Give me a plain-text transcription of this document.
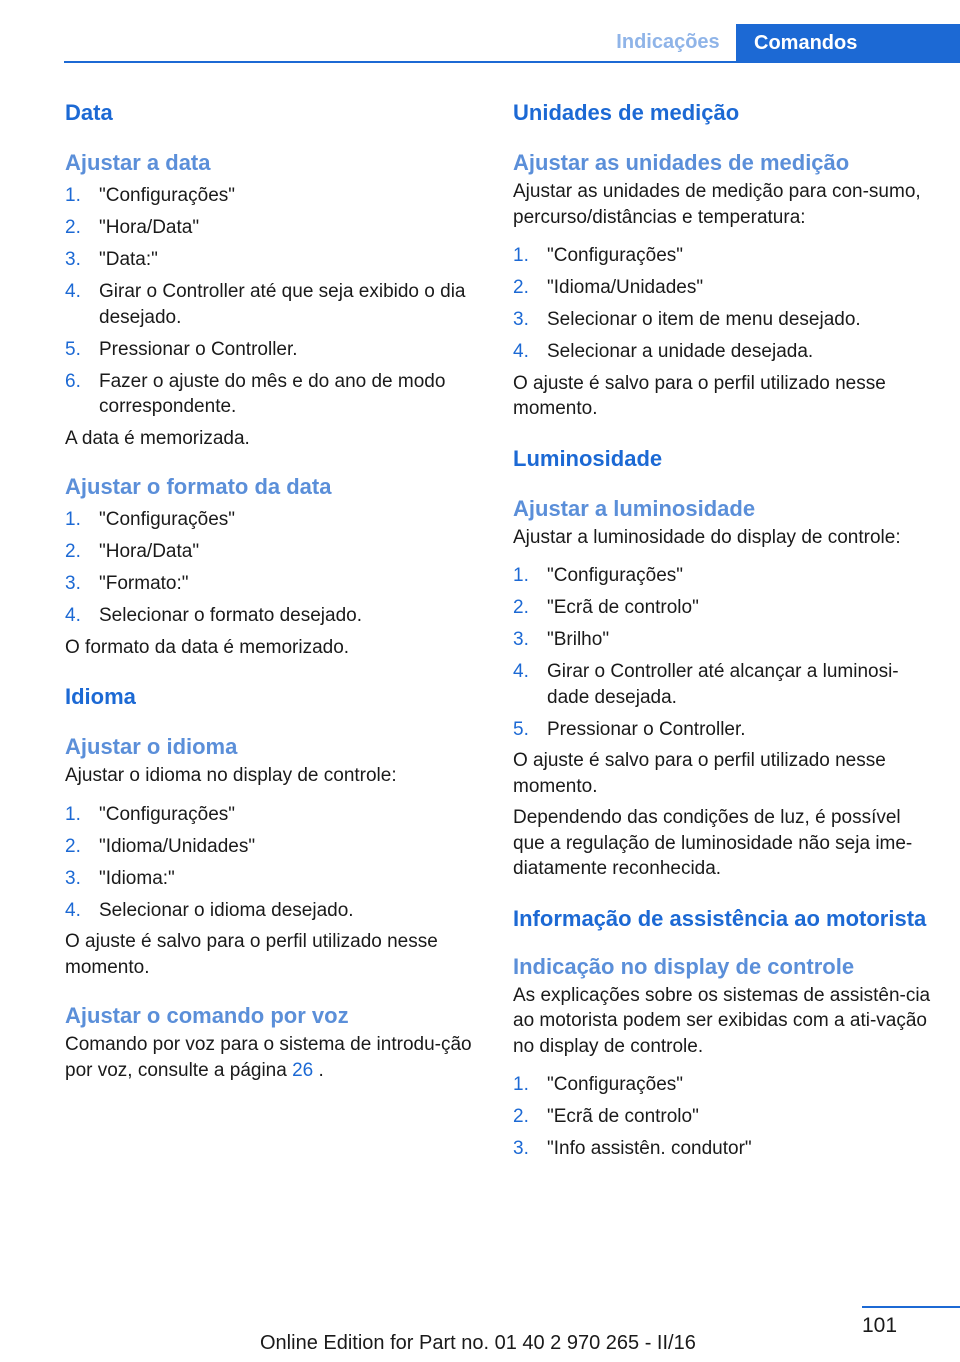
Indicações	Comandos
Data
Ajustar a data
1. "Configurações"
2. "Hora/Data"
3. "Data:"
4. Girar o Controller até que seja exibido o dia desejado.
5. Pressionar o Controller.
6. Fazer o ajuste do mês e do ano de modo correspondente.

A data é memorizada.

Ajustar o formato da data
1. "Configurações"
2. "Hora/Data"
3. "Formato:"
4. Selecionar o formato desejado.

O formato da data é memorizado.

Idioma
Ajustar o idioma

Ajustar o idioma no display de controle:

1. "Configurações"
2. "Idioma/Unidades"
3. "Idioma:"
4. Selecionar o idioma desejado.

O ajuste é salvo para o perfil utilizado nesse momento.

Ajustar o comando por voz

Comando por voz para o sistema de introdu‐ção por voz, consulte a página 26 .

Unidades de medição
Ajustar as unidades de medição

Ajustar as unidades de medição para con‐sumo, percurso/distâncias e temperatura:

1. "Configurações"
2. "Idioma/Unidades"
3. Selecionar o item de menu desejado.
4. Selecionar a unidade desejada.

O ajuste é salvo para o perfil utilizado nesse momento.

Luminosidade
Ajustar a luminosidade

Ajustar a luminosidade do display de controle:

1. "Configurações"
2. "Ecrã de controlo"
3. "Brilho"
4. Girar o Controller até alcançar a luminosi‐dade desejada.
5. Pressionar o Controller.

O ajuste é salvo para o perfil utilizado nesse momento.

Dependendo das condições de luz, é possível que a regulação de luminosidade não seja ime‐diatamente reconhecida.

Informação de assistência ao motorista
Indicação no display de controle

As explicações sobre os sistemas de assistên‐cia ao motorista podem ser exibidas com a ati‐vação no display de controle.

1. "Configurações"
2. "Ecrã de controlo"
3. "Info assistên. condutor"
101
Online Edition for Part no. 01 40 2 970 265 - II/16
